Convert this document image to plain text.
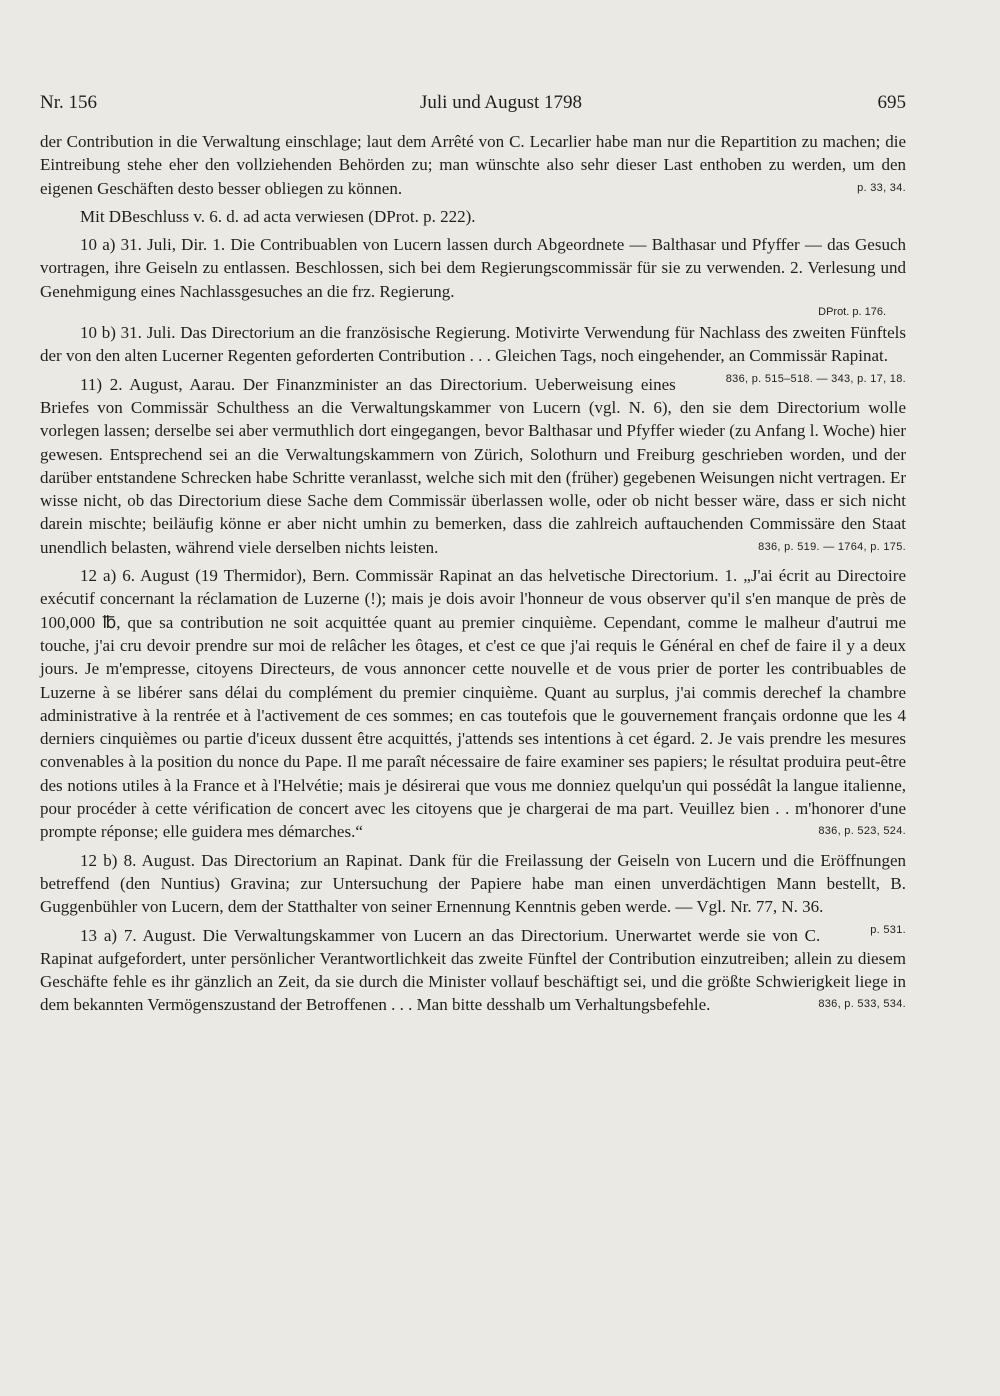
Nr. 156	Juli und August 1798	695

der Contribution in die Verwaltung einschlage; laut dem Arrêté von C. Lecarlier habe man nur die Repartition zu machen; die Eintreibung stehe eher den vollziehenden Behörden zu; man wünschte also sehr dieser Last enthoben zu werden, um den eigenen Geschäften desto besser obliegen zu können.	p. 33, 34.

Mit DBeschluss v. 6. d. ad acta verwiesen (DProt. p. 222).

10 a) 31. Juli, Dir. 1. Die Contribuablen von Lucern lassen durch Abgeordnete — Balthasar und Pfyffer — das Gesuch vortragen, ihre Geiseln zu entlassen. Beschlossen, sich bei dem Regierungscommissär für sie zu verwenden. 2. Verlesung und Genehmigung eines Nachlassgesuches an die frz. Regierung.

DProt. p. 176.

10 b) 31. Juli. Das Directorium an die französische Regierung. Motivirte Verwendung für Nachlass des zweiten Fünftels der von den alten Lucerner Regenten geforderten Contribution . . . Gleichen Tags, noch eingehender, an Commissär Rapinat.
836, p. 515–518. — 343, p. 17, 18.

11) 2. August, Aarau. Der Finanzminister an das Directorium. Ueberweisung eines Briefes von Commissär Schulthess an die Verwaltungskammer von Lucern (vgl. N. 6), den sie dem Directorium wolle vorlegen lassen; derselbe sei aber vermuthlich dort eingegangen, bevor Balthasar und Pfyffer wieder (zu Anfang l. Woche) hier gewesen. Entsprechend sei an die Verwaltungskammern von Zürich, Solothurn und Freiburg geschrieben worden, und der darüber entstandene Schrecken habe Schritte veranlasst, welche sich mit den (früher) gegebenen Weisungen nicht vertragen. Er wisse nicht, ob das Directorium diese Sache dem Commissär überlassen wolle, oder ob nicht besser wäre, dass er sich nicht darein mischte; beiläufig könne er aber nicht umhin zu bemerken, dass die zahlreich auftauchenden Commissäre den Staat unendlich belasten, während viele derselben nichts leisten.	836, p. 519. — 1764, p. 175.

12 a) 6. August (19 Thermidor), Bern. Commissär Rapinat an das helvetische Directorium. 1. „J'ai écrit au Directoire exécutif concernant la réclamation de Luzerne (!); mais je dois avoir l'honneur de vous observer qu'il s'en manque de près de 100,000 ℔, que sa contribution ne soit acquittée quant au premier cinquième. Cependant, comme le malheur d'autrui me touche, j'ai cru devoir prendre sur moi de relâcher les ôtages, et c'est ce que j'ai requis le Général en chef de faire il y a deux jours. Je m'empresse, citoyens Directeurs, de vous annoncer cette nouvelle et de vous prier de porter les contribuables de Luzerne à se libérer sans délai du complément du premier cinquième. Quant au surplus, j'ai commis derechef la chambre administrative à la rentrée et à l'activement de ces sommes; en cas toutefois que le gouvernement français ordonne que les 4 derniers cinquièmes ou partie d'iceux dussent être acquittés, j'attends ses intentions à cet égard. 2. Je vais prendre les mesures convenables à la position du nonce du Pape. Il me paraît nécessaire de faire examiner ses papiers; le résultat produira peut-être des notions utiles à la France et à l'Helvétie; mais je désirerai que vous me donniez quelqu'un qui possédât la langue italienne, pour procéder à cette vérification de concert avec les citoyens que je chargerai de ma part. Veuillez bien . . m'honorer d'une prompte réponse; elle guidera mes démarches.“	836, p. 523, 524.

12 b) 8. August. Das Directorium an Rapinat. Dank für die Freilassung der Geiseln von Lucern und die Eröffnungen betreffend (den Nuntius) Gravina; zur Untersuchung der Papiere habe man einen unverdächtigen Mann bestellt, B. Guggenbühler von Lucern, dem der Statthalter von seiner Ernennung Kenntnis geben werde. — Vgl. Nr. 77, N. 36.
p. 531.

13 a) 7. August. Die Verwaltungskammer von Lucern an das Directorium. Unerwartet werde sie von C. Rapinat aufgefordert, unter persönlicher Verantwortlichkeit das zweite Fünftel der Contribution einzutreiben; allein zu diesem Geschäfte fehle es ihr gänzlich an Zeit, da sie durch die Minister vollauf beschäftigt sei, und die größte Schwierigkeit liege in dem bekannten Vermögenszustand der Betroffenen . . . Man bitte desshalb um Verhaltungsbefehle.	836, p. 533, 534.
